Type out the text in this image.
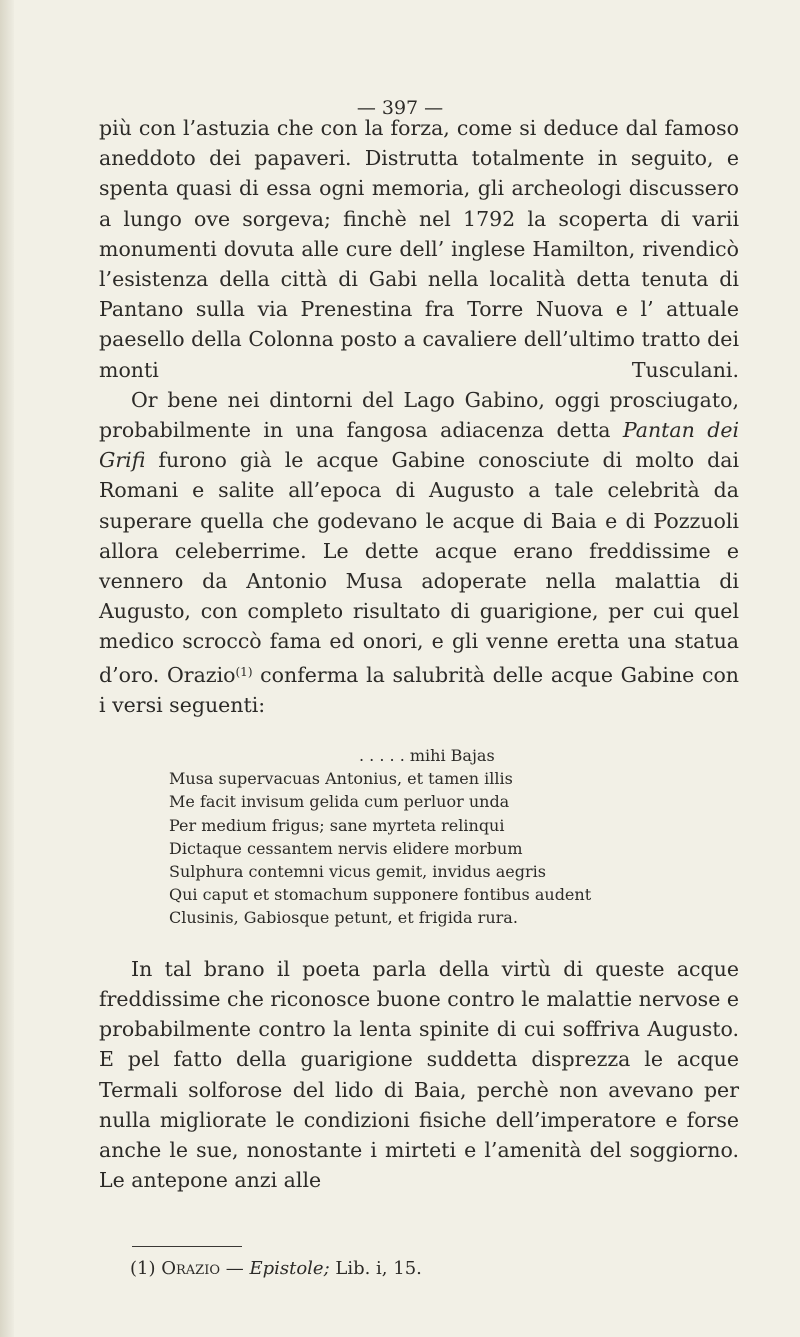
— 397 —

più con l’astuzia che con la forza, come si deduce dal famoso aneddoto dei papaveri. Distrutta totalmente in seguito, e spenta quasi di essa ogni memoria, gli archeologi discussero a lungo ove sorgeva; finchè nel 1792 la scoperta di varii monumenti dovuta alle cure dell’ inglese Hamilton, rivendicò l’esistenza della città di Gabi nella località detta tenuta di Pantano sulla via Prenestina fra Torre Nuova e l’ attuale paesello della Colonna posto a cavaliere dell’ultimo tratto dei monti Tusculani.

Or bene nei dintorni del Lago Gabino, oggi prosciugato, probabilmente in una fangosa adiacenza detta Pantan dei Grifi furono già le acque Gabine conosciute di molto dai Romani e salite all’epoca di Augusto a tale celebrità da superare quella che godevano le acque di Baia e di Pozzuoli allora celeberrime. Le dette acque erano freddissime e vennero da Antonio Musa adoperate nella malattia di Augusto, con completo risultato di guarigione, per cui quel medico scroccò fama ed onori, e gli venne eretta una statua d’oro. Orazio$^{(1)}$ conferma la salubrità delle acque Gabine con i versi seguenti:

. . . . . mihi Bajas
Musa supervacuas Antonius, et tamen illis
Me facit invisum gelida cum perluor unda
Per medium frigus; sane myrteta relinqui
Dictaque cessantem nervis elidere morbum
Sulphura contemni vicus gemit, invidus aegris
Qui caput et stomachum supponere fontibus audent
Clusinis, Gabiosque petunt, et frigida rura.

In tal brano il poeta parla della virtù di queste acque freddissime che riconosce buone contro le malattie nervose e probabilmente contro la lenta spinite di cui soffriva Augusto. E pel fatto della guarigione suddetta disprezza le acque Termali solforose del lido di Baia, perchè non avevano per nulla migliorate le condizioni fisiche dell’imperatore e forse anche le sue, nonostante i mirteti e l’amenità del soggiorno. Le antepone anzi alle

(1) Orazio — Epistole; Lib. i, 15.
